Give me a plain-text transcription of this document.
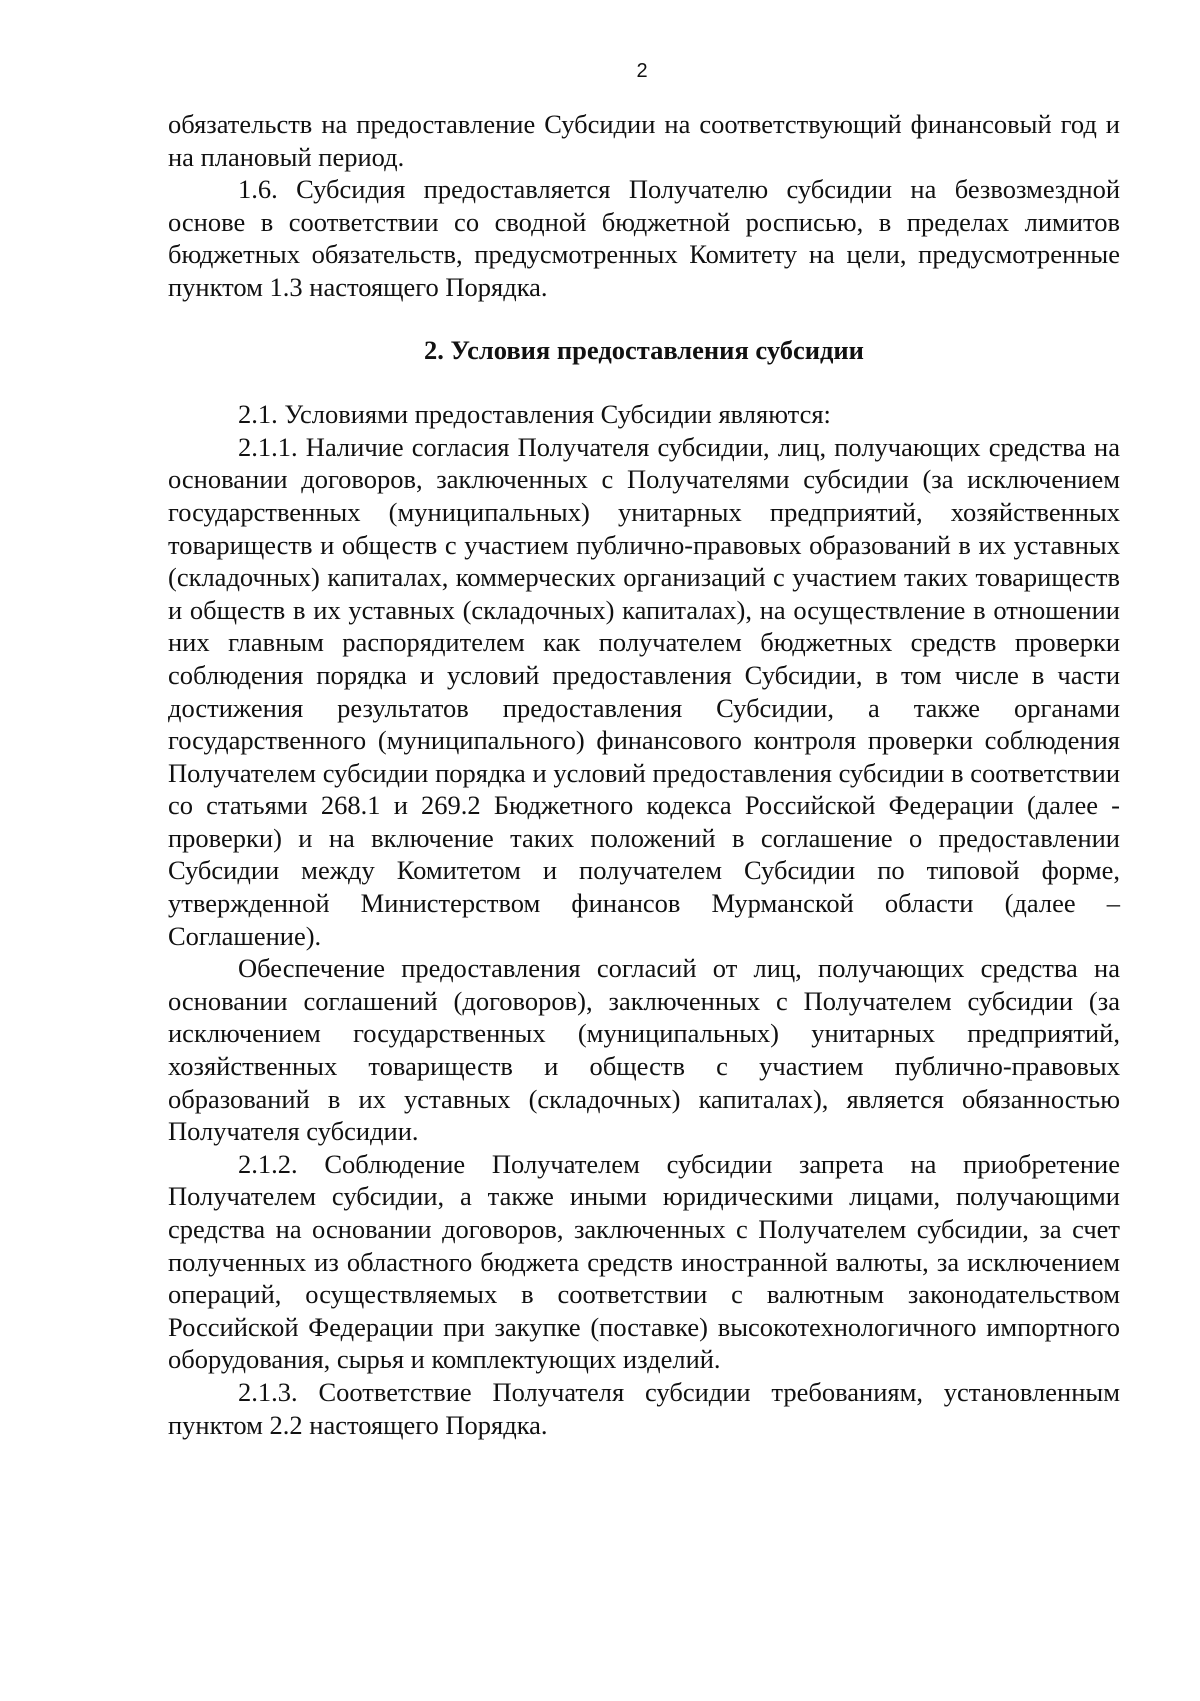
2

обязательств на предоставление Субсидии на соответствующий финансовый год и на плановый период.

1.6. Субсидия предоставляется Получателю субсидии на безвозмездной основе в соответствии со сводной бюджетной росписью, в пределах лимитов бюджетных обязательств, предусмотренных Комитету на цели, предусмотренные пунктом 1.3 настоящего Порядка.

2. Условия предоставления субсидии

2.1. Условиями предоставления Субсидии являются:

2.1.1. Наличие согласия Получателя субсидии, лиц, получающих средства на основании договоров, заключенных с Получателями субсидии (за исключением государственных (муниципальных) унитарных предприятий, хозяйственных товариществ и обществ с участием публично-правовых образований в их уставных (складочных) капиталах, коммерческих организаций с участием таких товариществ и обществ в их уставных (складочных) капиталах), на осуществление в отношении них главным распорядителем как получателем бюджетных средств проверки соблюдения порядка и условий предоставления Субсидии, в том числе в части достижения результатов предоставления Субсидии, а также органами государственного (муниципального) финансового контроля проверки соблюдения Получателем субсидии порядка и условий предоставления субсидии в соответствии со статьями 268.1 и 269.2 Бюджетного кодекса Российской Федерации (далее - проверки) и на включение таких положений в соглашение о предоставлении Субсидии между Комитетом и получателем Субсидии по типовой форме, утвержденной Министерством финансов Мурманской области (далее – Соглашение).

Обеспечение предоставления согласий от лиц, получающих средства на основании соглашений (договоров), заключенных с Получателем субсидии (за исключением государственных (муниципальных) унитарных предприятий, хозяйственных товариществ и обществ с участием публично-правовых образований в их уставных (складочных) капиталах), является обязанностью Получателя субсидии.

2.1.2. Соблюдение Получателем субсидии запрета на приобретение Получателем субсидии, а также иными юридическими лицами, получающими средства на основании договоров, заключенных с Получателем субсидии, за счет полученных из областного бюджета средств иностранной валюты, за исключением операций, осуществляемых в соответствии с валютным законодательством Российской Федерации при закупке (поставке) высокотехнологичного импортного оборудования, сырья и комплектующих изделий.

2.1.3. Соответствие Получателя субсидии требованиям, установленным пунктом 2.2 настоящего Порядка.
